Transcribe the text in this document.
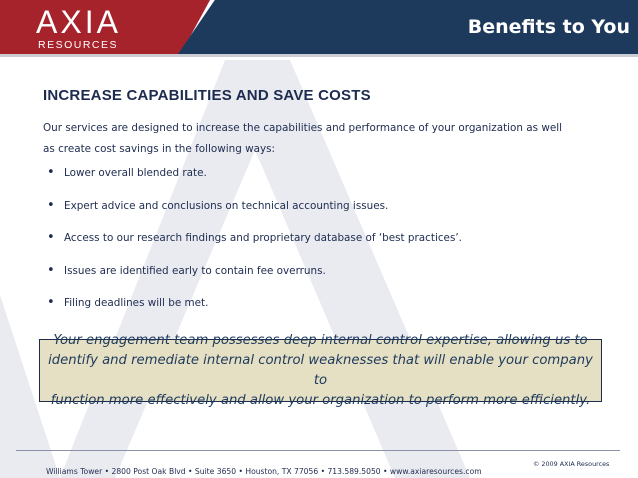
AXIA
RESOURCES
Benefits to You
INCREASE CAPABILITIES AND SAVE COSTS

Our services are designed to increase the capabilities and performance of your organization as well
as create cost savings in the following ways:

• Lower overall blended rate.
• Expert advice and conclusions on technical accounting issues.
• Access to our research findings and proprietary database of ‘best practices’.
• Issues are identified early to contain fee overruns.
• Filing deadlines will be met.

Your engagement team possesses deep internal control expertise, allowing us to
identify and remediate internal control weaknesses that will enable your company to
function more effectively and allow your organization to perform more efficiently.

Williams Tower • 2800 Post Oak Blvd • Suite 3650 • Houston, TX 77056 • 713.589.5050 • www.axiaresources.com
© 2009 AXIA Resources
